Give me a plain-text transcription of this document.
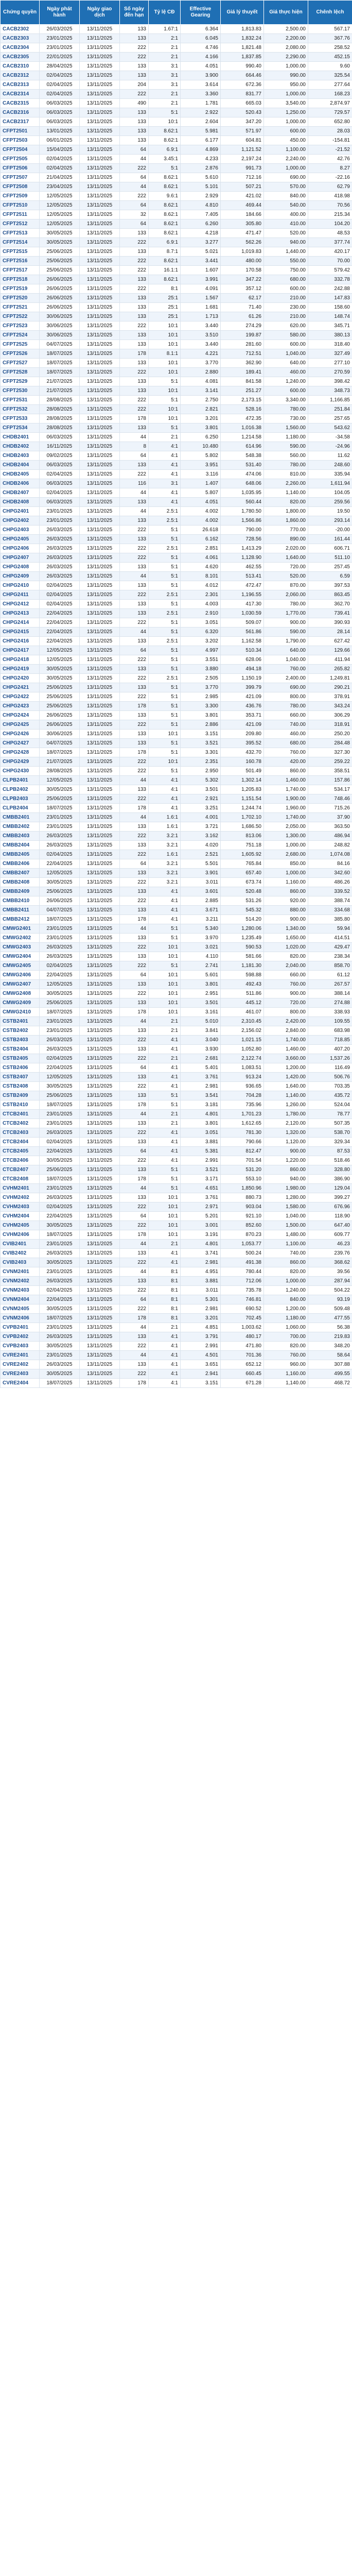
Chứng quyền	Ngày phát hành	Ngày giao dịch	Số ngày đến hạn	Tỷ lệ CĐ	Effective Gearing	Giá lý thuyết	Giá thực hiện	Chênh lệch
CACB2302	26/03/2025	13/11/2025	133	1.67:1	6.364	1,813.83	2,500.00	567.17
CACB2303	23/01/2025	13/11/2025	133	2:1	6.045	1,832.24	2,200.00	367.76
CACB2304	23/01/2025	13/11/2025	222	2:1	4.746	1,821.48	2,080.00	258.52
CACB2305	22/01/2025	13/11/2025	222	2:1	4.166	1,837.85	2,290.00	452.15
CACB2310	28/04/2025	13/11/2025	133	3:1	4.051	990.40	1,000.00	9.60
CACB2312	02/04/2025	13/11/2025	133	3:1	3.900	664.46	990.00	325.54
CACB2313	02/04/2025	13/11/2025	204	3:1	3.614	672.36	950.00	277.64
CACB2314	02/04/2025	13/11/2025	222	2:1	3.360	831.77	1,000.00	168.23
CACB2315	06/03/2025	13/11/2025	490	2:1	1.781	665.03	3,540.00	2,874.97
CACB2316	06/03/2025	13/11/2025	133	5:1	2.922	520.43	1,250.00	729.57
CACB2317	06/03/2025	13/11/2025	133	10:1	2.604	347.20	1,000.00	652.80
CFPT2501	13/01/2025	13/11/2025	133	8.62:1	5.981	571.97	600.00	28.03
CFPT2503	06/01/2025	13/11/2025	133	8.62:1	6.177	604.81	450.00	-154.81
CFPT2504	15/04/2025	13/11/2025	64	6.9:1	4.869	1,121.52	1,100.00	-21.52
CFPT2505	02/04/2025	13/11/2025	44	3.45:1	4.233	2,197.24	2,240.00	42.76
CFPT2506	02/04/2025	13/11/2025	222	5:1	2.876	991.73	1,000.00	8.27
CFPT2507	21/04/2025	13/11/2025	64	8.62:1	5.610	712.16	690.00	-22.16
CFPT2508	23/04/2025	13/11/2025	44	8.62:1	5.101	507.21	570.00	62.79
CFPT2509	12/05/2025	13/11/2025	222	9.6:1	2.929	421.02	840.00	418.98
CFPT2510	12/05/2025	13/11/2025	64	8.62:1	4.810	469.44	540.00	70.56
CFPT2511	12/05/2025	13/11/2025	32	8.62:1	7.405	184.66	400.00	215.34
CFPT2512	12/05/2025	13/11/2025	64	8.62:1	6.260	305.80	410.00	104.20
CFPT2513	30/05/2025	13/11/2025	133	8.62:1	4.218	471.47	520.00	48.53
CFPT2514	30/05/2025	13/11/2025	222	6.9:1	3.277	562.26	940.00	377.74
CFPT2515	25/06/2025	13/11/2025	133	8.7:1	5.021	1,019.83	1,440.00	420.17
CFPT2516	25/06/2025	13/11/2025	222	8.62:1	3.441	480.00	550.00	70.00
CFPT2517	25/06/2025	13/11/2025	222	16.1:1	1.607	170.58	750.00	579.42
CFPT2518	26/06/2025	13/11/2025	133	8.62:1	3.991	347.22	680.00	332.78
CFPT2519	26/06/2025	13/11/2025	222	8:1	4.091	357.12	600.00	242.88
CFPT2520	26/06/2025	13/11/2025	133	25:1	1.567	62.17	210.00	147.83
CFPT2521	26/06/2025	13/11/2025	133	25:1	1.681	71.40	230.00	158.60
CFPT2522	30/06/2025	13/11/2025	133	25:1	1.713	61.26	210.00	148.74
CFPT2523	30/06/2025	13/11/2025	222	10:1	3.440	274.29	620.00	345.71
CFPT2524	30/06/2025	13/11/2025	133	10:1	3.510	199.87	580.00	380.13
CFPT2525	04/07/2025	13/11/2025	133	10:1	3.440	281.60	600.00	318.40
CFPT2526	18/07/2025	13/11/2025	178	8.1:1	4.221	712.51	1,040.00	327.49
CFPT2527	18/07/2025	13/11/2025	133	10:1	3.770	362.90	640.00	277.10
CFPT2528	18/07/2025	13/11/2025	222	10:1	2.880	189.41	460.00	270.59
CFPT2529	21/07/2025	13/11/2025	133	5:1	4.081	841.58	1,240.00	398.42
CFPT2530	21/07/2025	13/11/2025	133	10:1	3.141	251.27	600.00	348.73
CFPT2531	28/08/2025	13/11/2025	222	5:1	2.750	2,173.15	3,340.00	1,166.85
CFPT2532	28/08/2025	13/11/2025	222	10:1	2.821	528.16	780.00	251.84
CFPT2533	28/08/2025	13/11/2025	178	10:1	3.201	472.35	730.00	257.65
CFPT2534	28/08/2025	13/11/2025	133	5:1	3.801	1,016.38	1,560.00	543.62
CHDB2401	06/03/2025	13/11/2025	44	2:1	6.250	1,214.58	1,180.00	-34.58
CHDB2402	16/11/2025	13/11/2025	8	4:1	10.480	614.96	590.00	-24.96
CHDB2403	09/02/2025	13/11/2025	64	4:1	5.802	548.38	560.00	11.62
CHDB2404	06/03/2025	13/11/2025	133	4:1	3.951	531.40	780.00	248.60
CHDB2405	02/04/2025	13/11/2025	222	4:1	3.116	474.06	810.00	335.94
CHDB2406	06/03/2025	13/11/2025	116	3:1	1.407	648.06	2,260.00	1,611.94
CHDB2407	02/04/2025	13/11/2025	44	4:1	5.807	1,035.95	1,140.00	104.05
CHDB2408	06/03/2025	13/11/2025	133	4:1	4.051	560.44	820.00	259.56
CHPG2401	23/01/2025	13/11/2025	44	2.5:1	4.002	1,780.50	1,800.00	19.50
CHPG2402	23/01/2025	13/11/2025	133	2.5:1	4.002	1,566.86	1,860.00	293.14
CHPG2403	26/03/2025	13/11/2025	222	5:1	26.618	790.00	770.00	-20.00
CHPG2405	26/03/2025	13/11/2025	133	5:1	6.162	728.56	890.00	161.44
CHPG2406	26/03/2025	13/11/2025	222	2.5:1	2.851	1,413.29	2,020.00	606.71
CHPG2407	26/03/2025	13/11/2025	222	5:1	4.061	1,128.90	1,640.00	511.10
CHPG2408	26/03/2025	13/11/2025	133	5:1	4.620	462.55	720.00	257.45
CHPG2409	26/03/2025	13/11/2025	44	5:1	8.101	513.41	520.00	6.59
CHPG2410	02/04/2025	13/11/2025	133	5:1	4.012	472.47	870.00	397.53
CHPG2411	02/04/2025	13/11/2025	222	2.5:1	2.301	1,196.55	2,060.00	863.45
CHPG2412	02/04/2025	13/11/2025	133	5:1	4.003	417.30	780.00	362.70
CHPG2413	22/04/2025	13/11/2025	133	2.5:1	2.910	1,030.59	1,770.00	739.41
CHPG2414	22/04/2025	13/11/2025	222	5:1	3.051	509.07	900.00	390.93
CHPG2415	22/04/2025	13/11/2025	44	5:1	6.320	561.86	590.00	28.14
CHPG2416	22/04/2025	13/11/2025	133	2.5:1	3.202	1,162.58	1,790.00	627.42
CHPG2417	12/05/2025	13/11/2025	64	5:1	4.997	510.34	640.00	129.66
CHPG2418	12/05/2025	13/11/2025	222	5:1	3.551	628.06	1,040.00	411.94
CHPG2419	30/05/2025	13/11/2025	133	5:1	3.880	494.18	760.00	265.82
CHPG2420	30/05/2025	13/11/2025	222	2.5:1	2.505	1,150.19	2,400.00	1,249.81
CHPG2421	25/06/2025	13/11/2025	133	5:1	3.770	399.79	690.00	290.21
CHPG2422	25/06/2025	13/11/2025	222	5:1	2.985	421.09	800.00	378.91
CHPG2423	25/06/2025	13/11/2025	178	5:1	3.300	436.76	780.00	343.24
CHPG2424	26/06/2025	13/11/2025	133	5:1	3.801	353.71	660.00	306.29
CHPG2425	26/06/2025	13/11/2025	222	5:1	2.886	421.09	740.00	318.91
CHPG2426	30/06/2025	13/11/2025	133	10:1	3.151	209.80	460.00	250.20
CHPG2427	04/07/2025	13/11/2025	133	5:1	3.521	395.52	680.00	284.48
CHPG2428	18/07/2025	13/11/2025	178	5:1	3.301	432.70	760.00	327.30
CHPG2429	21/07/2025	13/11/2025	222	10:1	2.351	160.78	420.00	259.22
CHPG2430	28/08/2025	13/11/2025	222	5:1	2.950	501.49	860.00	358.51
CLPB2401	12/05/2025	13/11/2025	44	4:1	5.302	1,302.14	1,460.00	157.86
CLPB2402	30/05/2025	13/11/2025	133	4:1	3.501	1,205.83	1,740.00	534.17
CLPB2403	25/06/2025	13/11/2025	222	4:1	2.921	1,151.54	1,900.00	748.46
CLPB2404	18/07/2025	13/11/2025	178	4:1	3.251	1,244.74	1,960.00	715.26
CMBB2401	23/01/2025	13/11/2025	44	1.6:1	4.001	1,702.10	1,740.00	37.90
CMBB2402	23/01/2025	13/11/2025	133	1.6:1	3.721	1,686.50	2,050.00	363.50
CMBB2403	26/03/2025	13/11/2025	222	3.2:1	3.162	813.06	1,300.00	486.94
CMBB2404	26/03/2025	13/11/2025	133	3.2:1	4.020	751.18	1,000.00	248.82
CMBB2405	02/04/2025	13/11/2025	222	1.6:1	2.521	1,605.92	2,680.00	1,074.08
CMBB2406	22/04/2025	13/11/2025	64	3.2:1	5.501	765.84	850.00	84.16
CMBB2407	12/05/2025	13/11/2025	133	3.2:1	3.901	657.40	1,000.00	342.60
CMBB2408	30/05/2025	13/11/2025	222	3.2:1	3.011	673.74	1,160.00	486.26
CMBB2409	25/06/2025	13/11/2025	133	4:1	3.601	520.48	860.00	339.52
CMBB2410	26/06/2025	13/11/2025	222	4:1	2.885	531.26	920.00	388.74
CMBB2411	04/07/2025	13/11/2025	133	4:1	3.671	545.32	880.00	334.68
CMBB2412	18/07/2025	13/11/2025	178	4:1	3.211	514.20	900.00	385.80
CMWG2401	23/01/2025	13/11/2025	44	5:1	5.340	1,280.06	1,340.00	59.94
CMWG2402	23/01/2025	13/11/2025	133	5:1	3.970	1,235.49	1,650.00	414.51
CMWG2403	26/03/2025	13/11/2025	222	10:1	3.021	590.53	1,020.00	429.47
CMWG2404	26/03/2025	13/11/2025	133	10:1	4.110	581.66	820.00	238.34
CMWG2405	02/04/2025	13/11/2025	222	5:1	2.741	1,181.30	2,040.00	858.70
CMWG2406	22/04/2025	13/11/2025	64	10:1	5.601	598.88	660.00	61.12
CMWG2407	12/05/2025	13/11/2025	133	10:1	3.801	492.43	760.00	267.57
CMWG2408	30/05/2025	13/11/2025	222	10:1	2.951	511.86	900.00	388.14
CMWG2409	25/06/2025	13/11/2025	133	10:1	3.501	445.12	720.00	274.88
CMWG2410	18/07/2025	13/11/2025	178	10:1	3.161	461.07	800.00	338.93
CSTB2401	23/01/2025	13/11/2025	44	2:1	5.010	2,310.45	2,420.00	109.55
CSTB2402	23/01/2025	13/11/2025	133	2:1	3.841	2,156.02	2,840.00	683.98
CSTB2403	26/03/2025	13/11/2025	222	4:1	3.040	1,021.15	1,740.00	718.85
CSTB2404	26/03/2025	13/11/2025	133	4:1	3.930	1,052.80	1,460.00	407.20
CSTB2405	02/04/2025	13/11/2025	222	2:1	2.681	2,122.74	3,660.00	1,537.26
CSTB2406	22/04/2025	13/11/2025	64	4:1	5.401	1,083.51	1,200.00	116.49
CSTB2407	12/05/2025	13/11/2025	133	4:1	3.761	913.24	1,420.00	506.76
CSTB2408	30/05/2025	13/11/2025	222	4:1	2.981	936.65	1,640.00	703.35
CSTB2409	25/06/2025	13/11/2025	133	5:1	3.541	704.28	1,140.00	435.72
CSTB2410	18/07/2025	13/11/2025	178	5:1	3.181	735.96	1,260.00	524.04
CTCB2401	23/01/2025	13/11/2025	44	2:1	4.801	1,701.23	1,780.00	78.77
CTCB2402	23/01/2025	13/11/2025	133	2:1	3.801	1,612.65	2,120.00	507.35
CTCB2403	26/03/2025	13/11/2025	222	4:1	3.051	781.30	1,320.00	538.70
CTCB2404	02/04/2025	13/11/2025	133	4:1	3.881	790.66	1,120.00	329.34
CTCB2405	22/04/2025	13/11/2025	64	4:1	5.381	812.47	900.00	87.53
CTCB2406	30/05/2025	13/11/2025	222	4:1	2.991	701.54	1,220.00	518.46
CTCB2407	25/06/2025	13/11/2025	133	5:1	3.521	531.20	860.00	328.80
CTCB2408	18/07/2025	13/11/2025	178	5:1	3.171	553.10	940.00	386.90
CVHM2401	23/01/2025	13/11/2025	44	5:1	4.651	1,850.96	1,980.00	129.04
CVHM2402	26/03/2025	13/11/2025	133	10:1	3.761	880.73	1,280.00	399.27
CVHM2403	02/04/2025	13/11/2025	222	10:1	2.971	903.04	1,580.00	676.96
CVHM2404	22/04/2025	13/11/2025	64	10:1	5.201	921.10	1,040.00	118.90
CVHM2405	30/05/2025	13/11/2025	222	10:1	3.001	852.60	1,500.00	647.40
CVHM2406	18/07/2025	13/11/2025	178	10:1	3.191	870.23	1,480.00	609.77
CVIB2401	23/01/2025	13/11/2025	44	2:1	4.801	1,053.77	1,100.00	46.23
CVIB2402	26/03/2025	13/11/2025	133	4:1	3.741	500.24	740.00	239.76
CVIB2403	30/05/2025	13/11/2025	222	4:1	2.981	491.38	860.00	368.62
CVNM2401	23/01/2025	13/11/2025	44	8:1	4.951	780.44	820.00	39.56
CVNM2402	26/03/2025	13/11/2025	133	8:1	3.881	712.06	1,000.00	287.94
CVNM2403	02/04/2025	13/11/2025	222	8:1	3.011	735.78	1,240.00	504.22
CVNM2404	22/04/2025	13/11/2025	64	8:1	5.301	746.81	840.00	93.19
CVNM2405	30/05/2025	13/11/2025	222	8:1	2.981	690.52	1,200.00	509.48
CVNM2406	18/07/2025	13/11/2025	178	8:1	3.201	702.45	1,180.00	477.55
CVPB2401	23/01/2025	13/11/2025	44	2:1	4.851	1,003.62	1,060.00	56.38
CVPB2402	26/03/2025	13/11/2025	133	4:1	3.791	480.17	700.00	219.83
CVPB2403	30/05/2025	13/11/2025	222	4:1	2.991	471.80	820.00	348.20
CVRE2401	23/01/2025	13/11/2025	44	4:1	4.501	701.36	760.00	58.64
CVRE2402	26/03/2025	13/11/2025	133	4:1	3.651	652.12	960.00	307.88
CVRE2403	30/05/2025	13/11/2025	222	4:1	2.941	660.45	1,160.00	499.55
CVRE2404	18/07/2025	13/11/2025	178	4:1	3.151	671.28	1,140.00	468.72
